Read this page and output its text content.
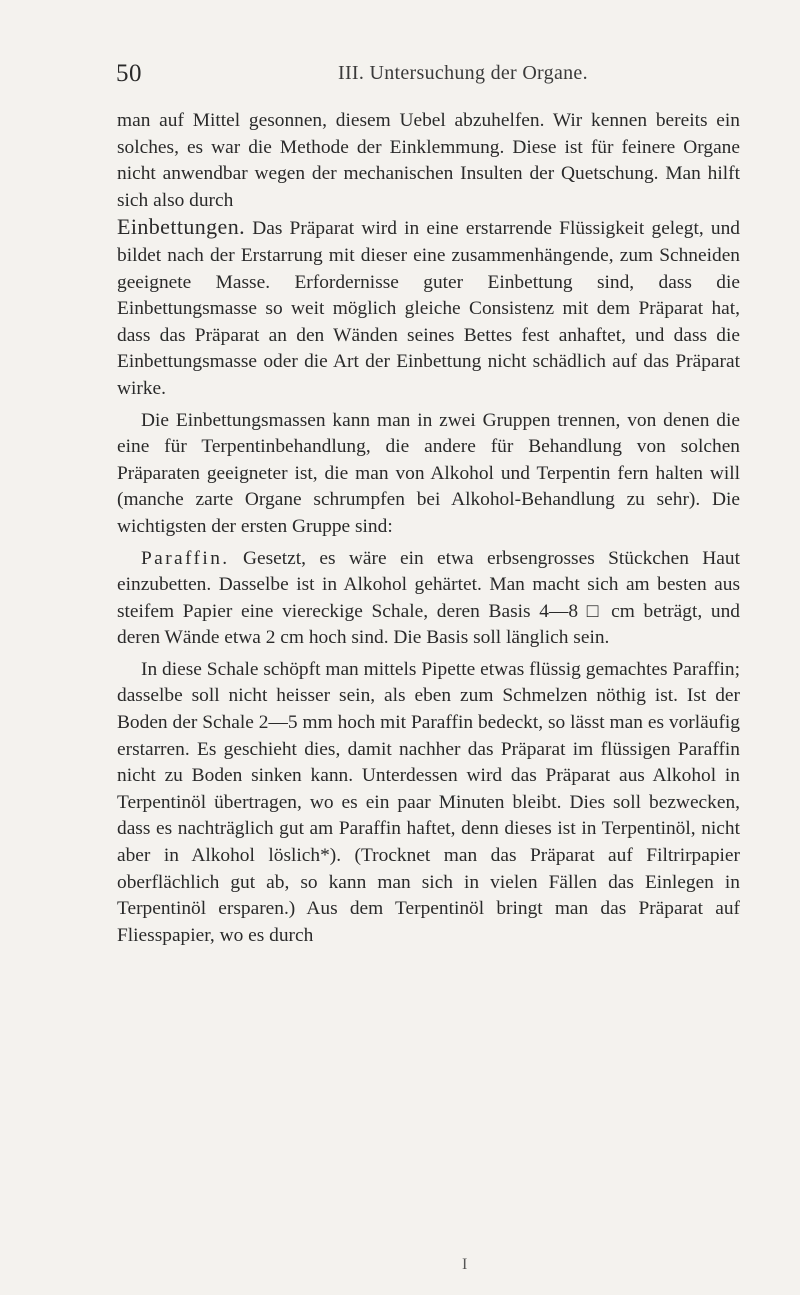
50	III. Untersuchung der Organe.

man auf Mittel gesonnen, diesem Uebel abzuhelfen. Wir kennen bereits ein solches, es war die Methode der Einklemmung. Diese ist für feinere Organe nicht anwendbar wegen der mechanischen Insulten der Quetschung. Man hilft sich also durch

Einbettungen. Das Präparat wird in eine erstarrende Flüssigkeit gelegt, und bildet nach der Erstarrung mit dieser eine zusammenhängende, zum Schneiden geeignete Masse. Erfordernisse guter Einbettung sind, dass die Einbettungsmasse so weit möglich gleiche Consistenz mit dem Präparat hat, dass das Präparat an den Wänden seines Bettes fest anhaftet, und dass die Einbettungsmasse oder die Art der Einbettung nicht schädlich auf das Präparat wirke.

Die Einbettungsmassen kann man in zwei Gruppen trennen, von denen die eine für Terpentinbehandlung, die andere für Behandlung von solchen Präparaten geeigneter ist, die man von Alkohol und Terpentin fern halten will (manche zarte Organe schrumpfen bei Alkohol-Behandlung zu sehr). Die wichtigsten der ersten Gruppe sind:

Paraffin. Gesetzt, es wäre ein etwa erbsengrosses Stückchen Haut einzubetten. Dasselbe ist in Alkohol gehärtet. Man macht sich am besten aus steifem Papier eine viereckige Schale, deren Basis 4—8 □ cm beträgt, und deren Wände etwa 2 cm hoch sind. Die Basis soll länglich sein.

In diese Schale schöpft man mittels Pipette etwas flüssig gemachtes Paraffin; dasselbe soll nicht heisser sein, als eben zum Schmelzen nöthig ist. Ist der Boden der Schale 2—5 mm hoch mit Paraffin bedeckt, so lässt man es vorläufig erstarren. Es geschieht dies, damit nachher das Präparat im flüssigen Paraffin nicht zu Boden sinken kann. Unterdessen wird das Präparat aus Alkohol in Terpentinöl übertragen, wo es ein paar Minuten bleibt. Dies soll bezwecken, dass es nachträglich gut am Paraffin haftet, denn dieses ist in Terpentinöl, nicht aber in Alkohol löslich*). (Trocknet man das Präparat auf Filtrirpapier oberflächlich gut ab, so kann man sich in vielen Fällen das Einlegen in Terpentinöl ersparen.) Aus dem Terpentinöl bringt man das Präparat auf Fliesspapier, wo es durch

I
